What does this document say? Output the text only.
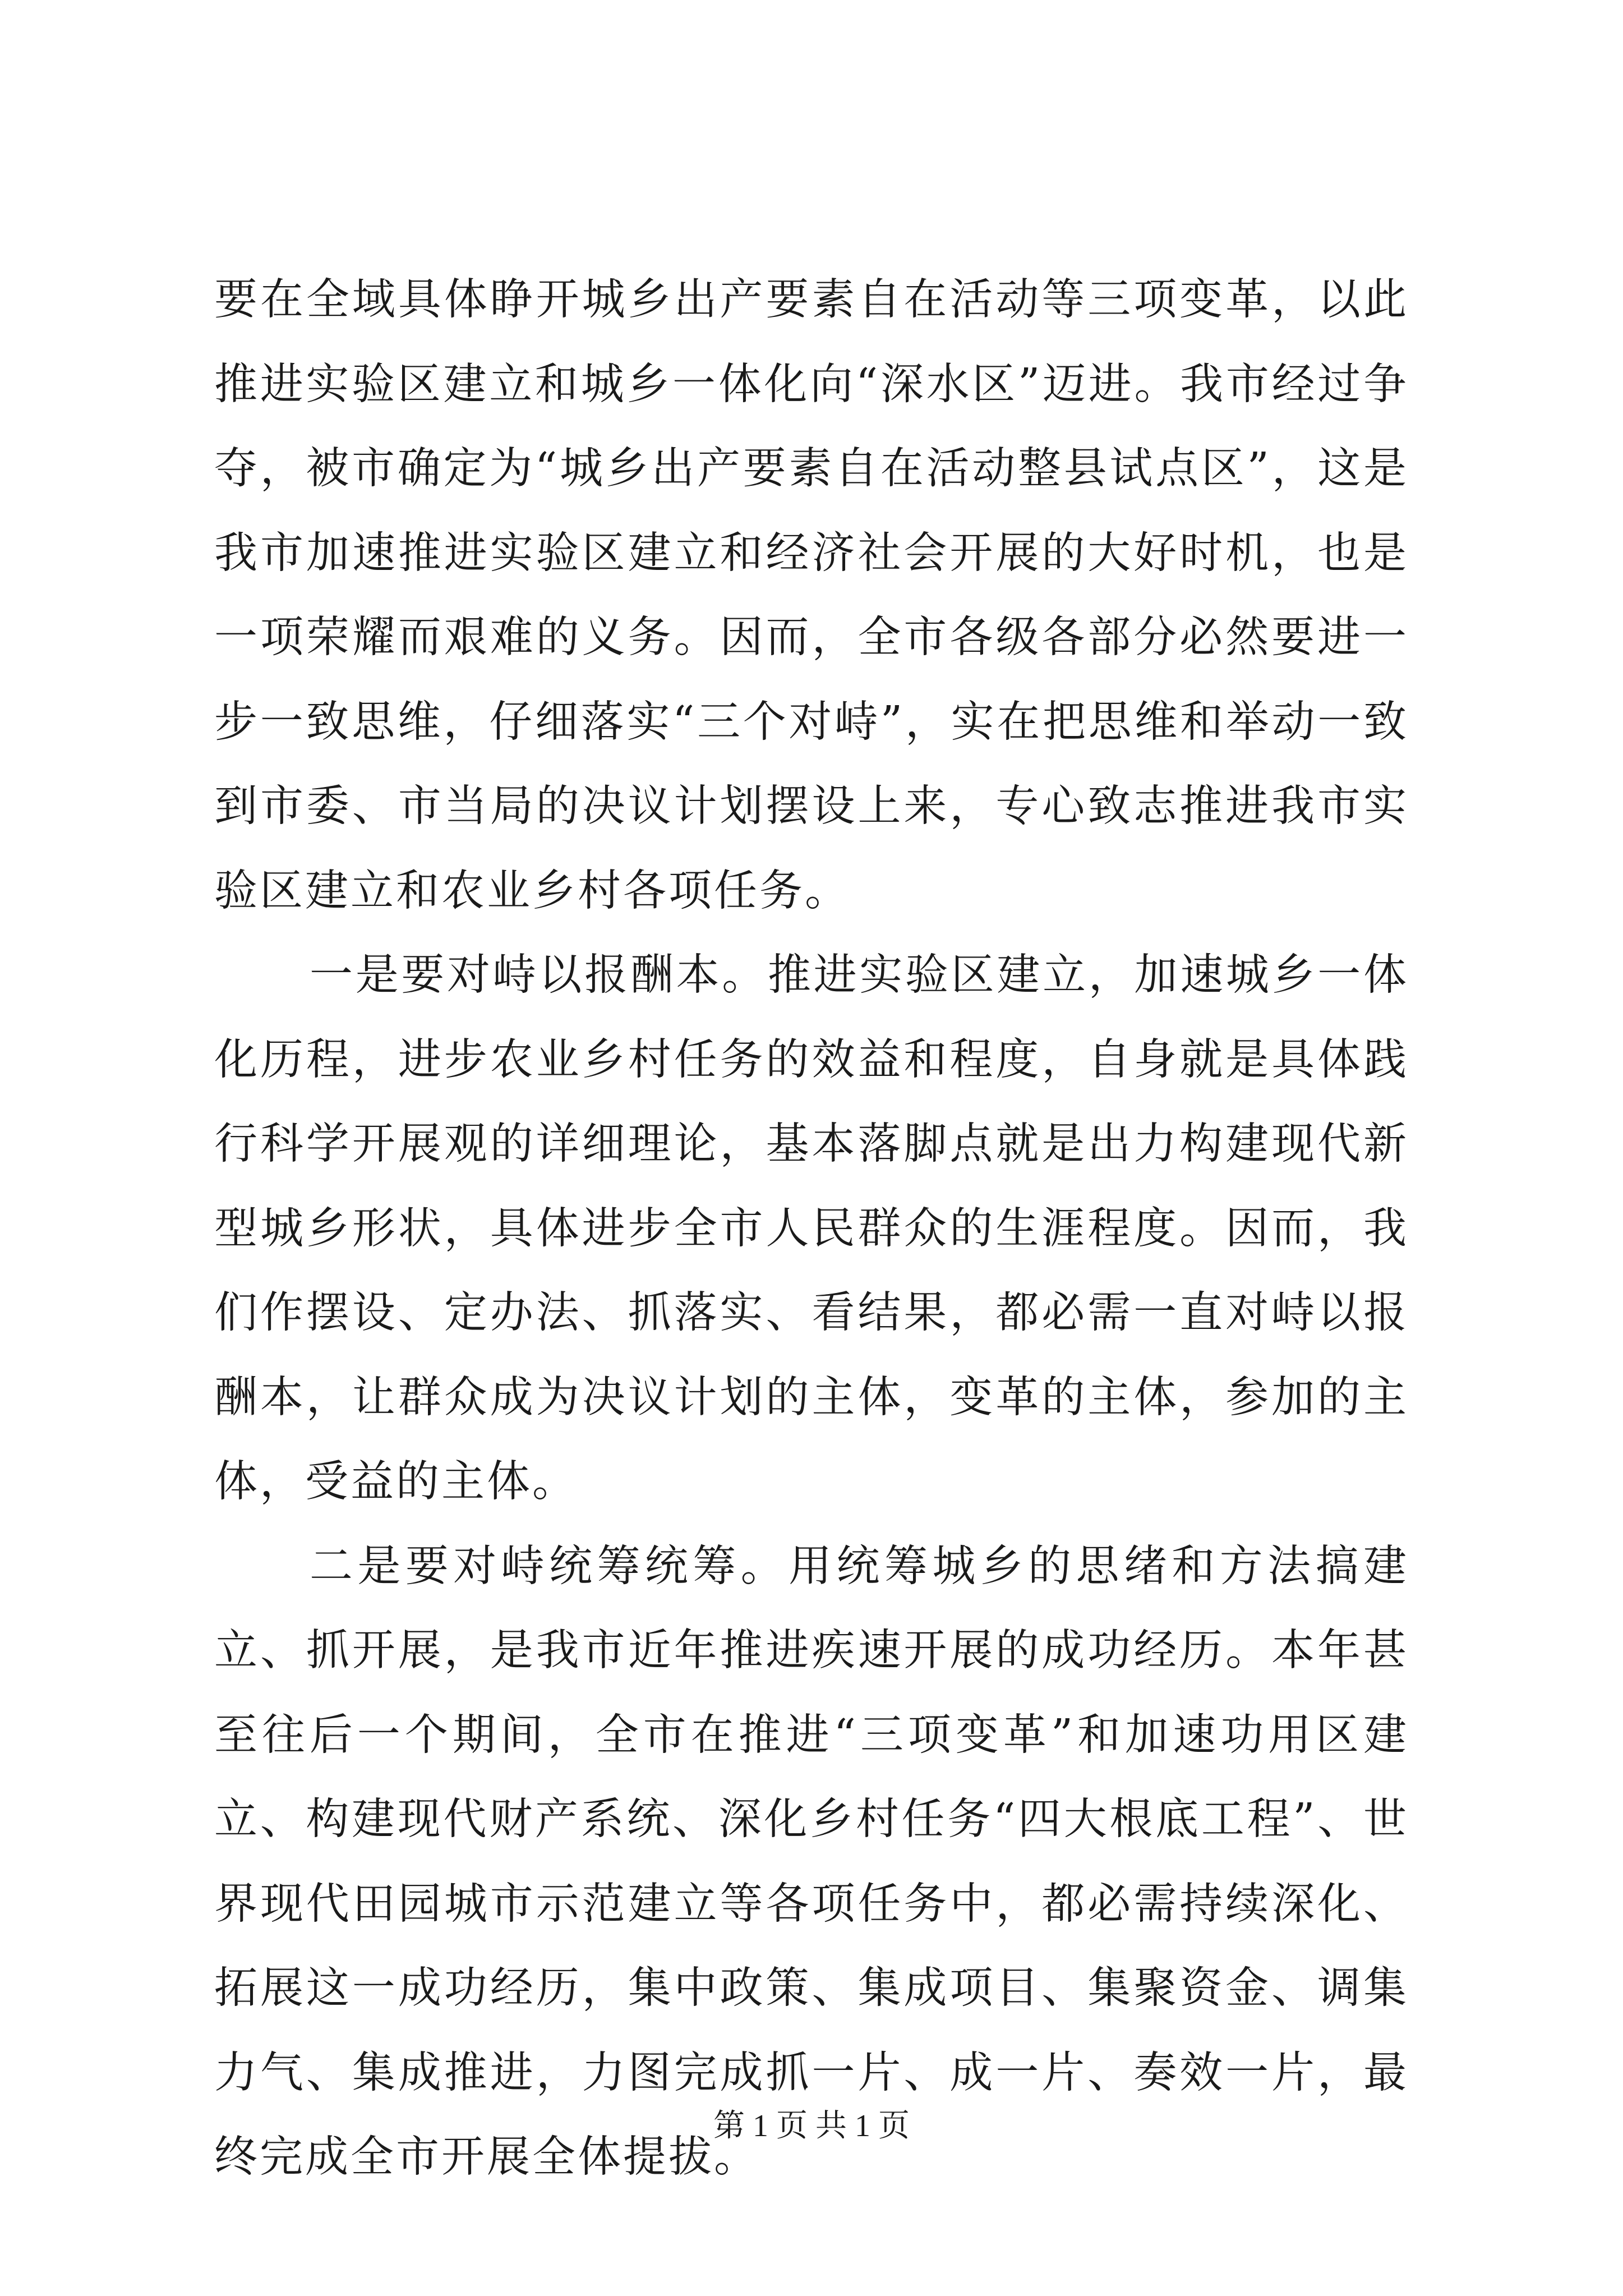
要在全域具体睁开城乡出产要素自在活动等三项变革，以此推进实验区建立和城乡一体化向“深水区”迈进。我市经过争夺，被市确定为“城乡出产要素自在活动整县试点区”，这是我市加速推进实验区建立和经济社会开展的大好时机，也是一项荣耀而艰难的义务。因而，全市各级各部分必然要进一步一致思维，仔细落实“三个对峙”，实在把思维和举动一致到市委、市当局的决议计划摆设上来，专心致志推进我市实验区建立和农业乡村各项任务。

一是要对峙以报酬本。推进实验区建立，加速城乡一体化历程，进步农业乡村任务的效益和程度，自身就是具体践行科学开展观的详细理论，基本落脚点就是出力构建现代新型城乡形状，具体进步全市人民群众的生涯程度。因而，我们作摆设、定办法、抓落实、看结果，都必需一直对峙以报酬本，让群众成为决议计划的主体，变革的主体，参加的主体，受益的主体。

二是要对峙统筹统筹。用统筹城乡的思绪和方法搞建立、抓开展，是我市近年推进疾速开展的成功经历。本年甚至往后一个期间，全市在推进“三项变革”和加速功用区建立、构建现代财产系统、深化乡村任务“四大根底工程”、世界现代田园城市示范建立等各项任务中，都必需持续深化、拓展这一成功经历，集中政策、集成项目、集聚资金、调集力气、集成推进，力图完成抓一片、成一片、奏效一片，最终完成全市开展全体提拔。

第 1 页 共 1 页
